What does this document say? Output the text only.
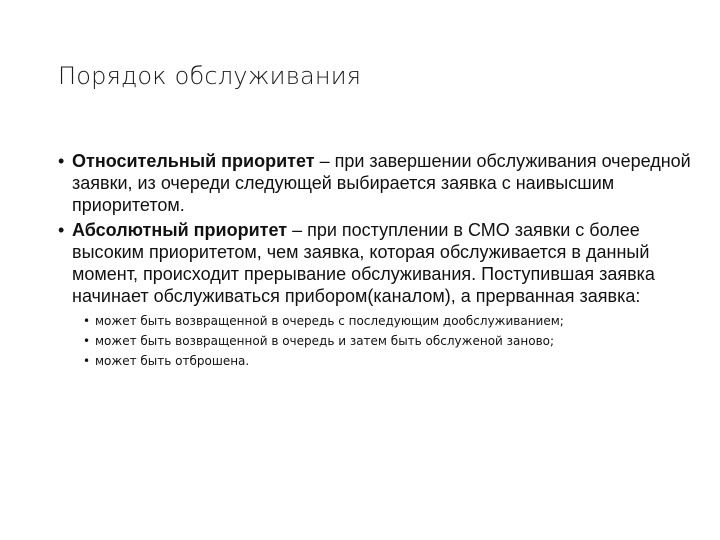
Порядок обслуживания
• Относительный приоритет – при завершении обслуживания очередной заявки, из очереди следующей выбирается заявка с наивысшим приоритетом.
• Абсолютный приоритет – при поступлении в СМО заявки с более высоким приоритетом, чем заявка, которая обслуживается в данный момент, происходит прерывание обслуживания. Поступившая заявка начинает обслуживаться прибором(каналом), а прерванная заявка:
• может быть возвращенной в очередь с последующим дообслуживанием;
• может быть возвращенной в очередь и затем быть обслуженой заново;
• может быть отброшена.
